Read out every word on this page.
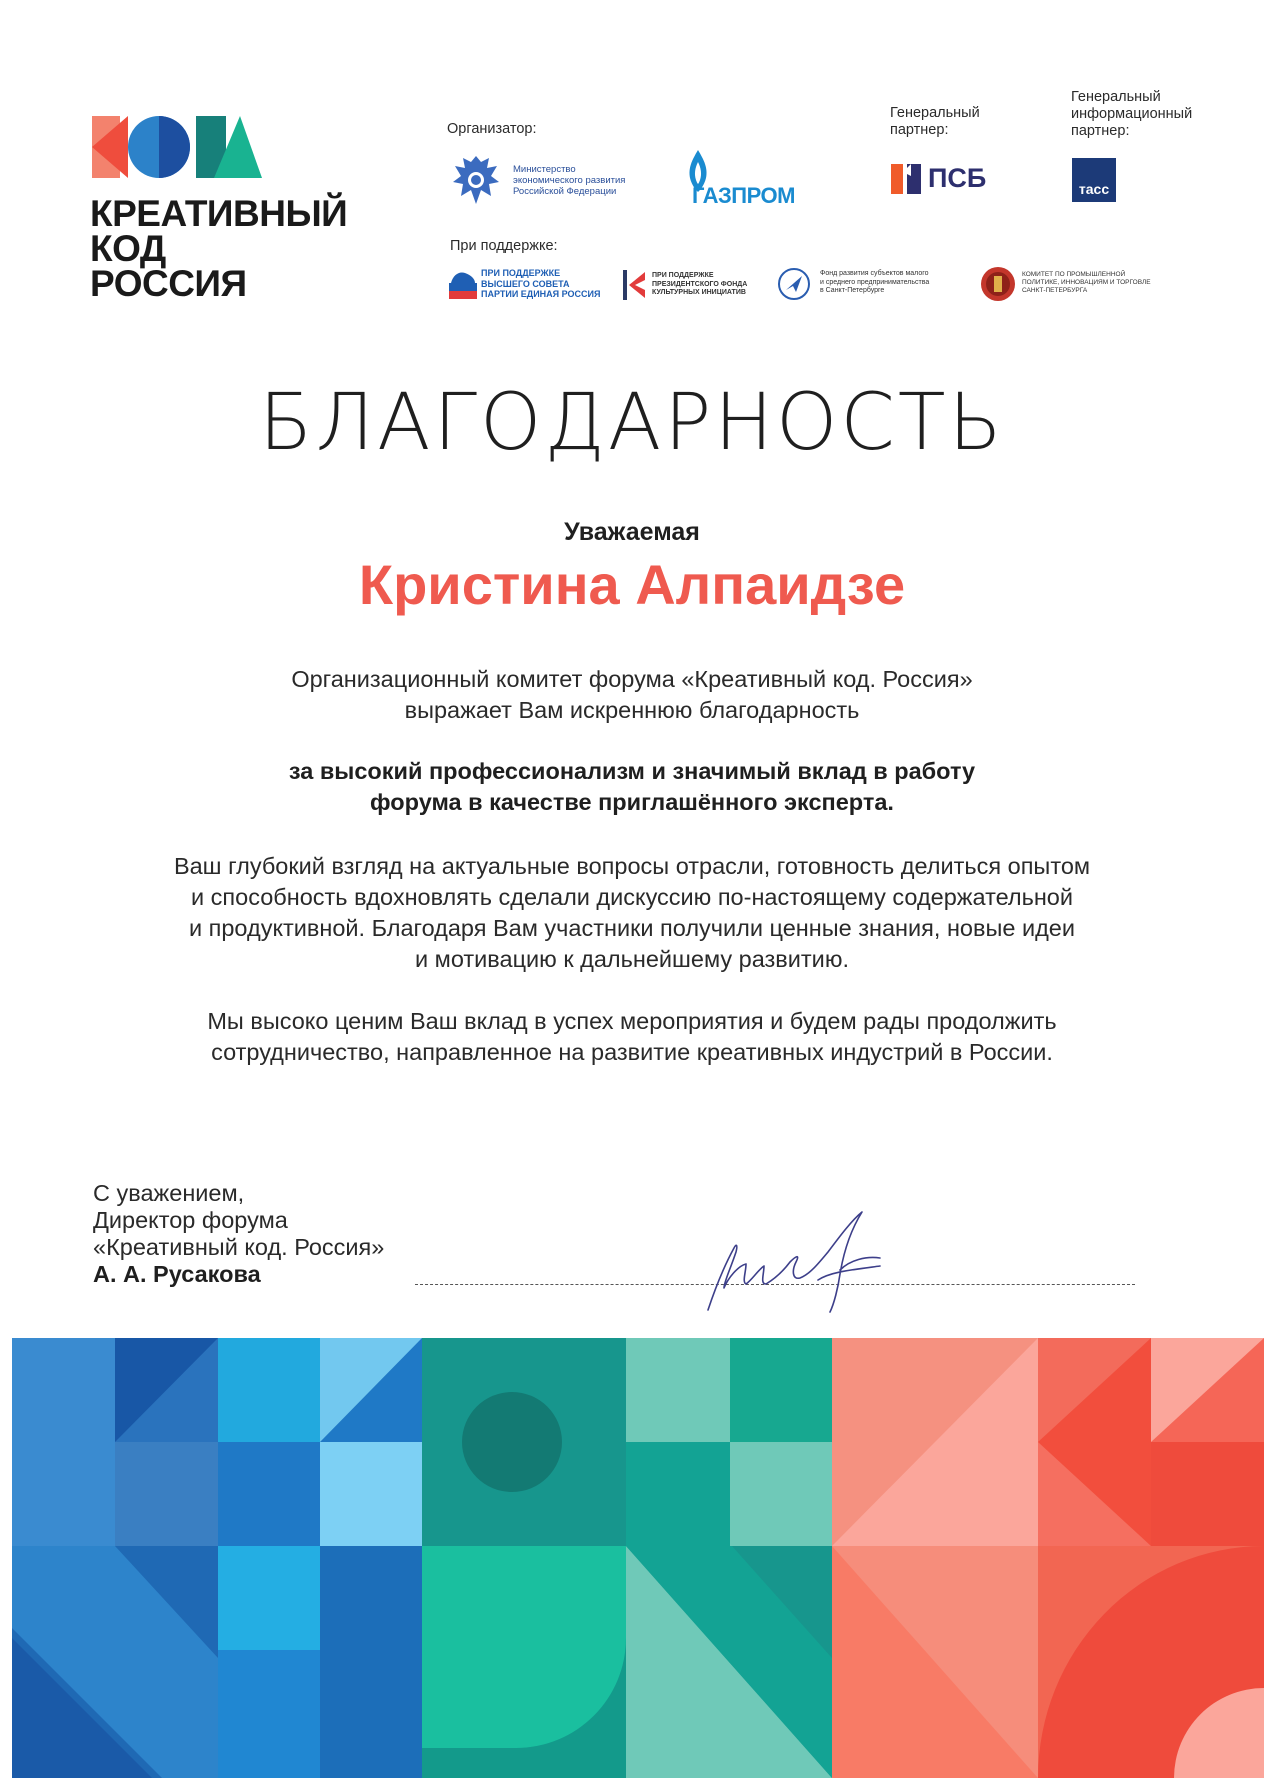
КРЕАТИВНЫЙ
КОД
РОССИЯ
Организатор:
Министерство
экономического развития
Российской Федерации	ГАЗПРОМ
Генеральный
партнер:
ПСБ
Генеральный
информационный
партнер:
тасс
При поддержке:
ПРИ ПОДДЕРЖКЕ
ВЫСШЕГО СОВЕТА
ПАРТИИ ЕДИНАЯ РОССИЯ
ПРИ ПОДДЕРЖКЕ
ПРЕЗИДЕНТСКОГО ФОНДА
КУЛЬТУРНЫХ ИНИЦИАТИВ
Фонд развития субъектов малого
и среднего предпринимательства
в Санкт-Петербурге
КОМИТЕТ ПО ПРОМЫШЛЕННОЙ
ПОЛИТИКЕ, ИННОВАЦИЯМ И ТОРГОВЛЕ
САНКТ-ПЕТЕРБУРГА
БЛАГОДАРНОСТЬ
Уважаемая
Кристина Алпаидзе
Организационный комитет форума «Креативный код. Россия»
выражает Вам искреннюю благодарность
за высокий профессионализм и значимый вклад в работу
форума в качестве приглашённого эксперта.
Ваш глубокий взгляд на актуальные вопросы отрасли, готовность делиться опытом
и способность вдохновлять сделали дискуссию по-настоящему содержательной
и продуктивной. Благодаря Вам участники получили ценные знания, новые идеи
и мотивацию к дальнейшему развитию.
Мы высоко ценим Ваш вклад в успех мероприятия и будем рады продолжить
сотрудничество, направленное на развитие креативных индустрий в России.
С уважением,
Директор форума
«Креативный код. Россия»
А. А. Русакова
